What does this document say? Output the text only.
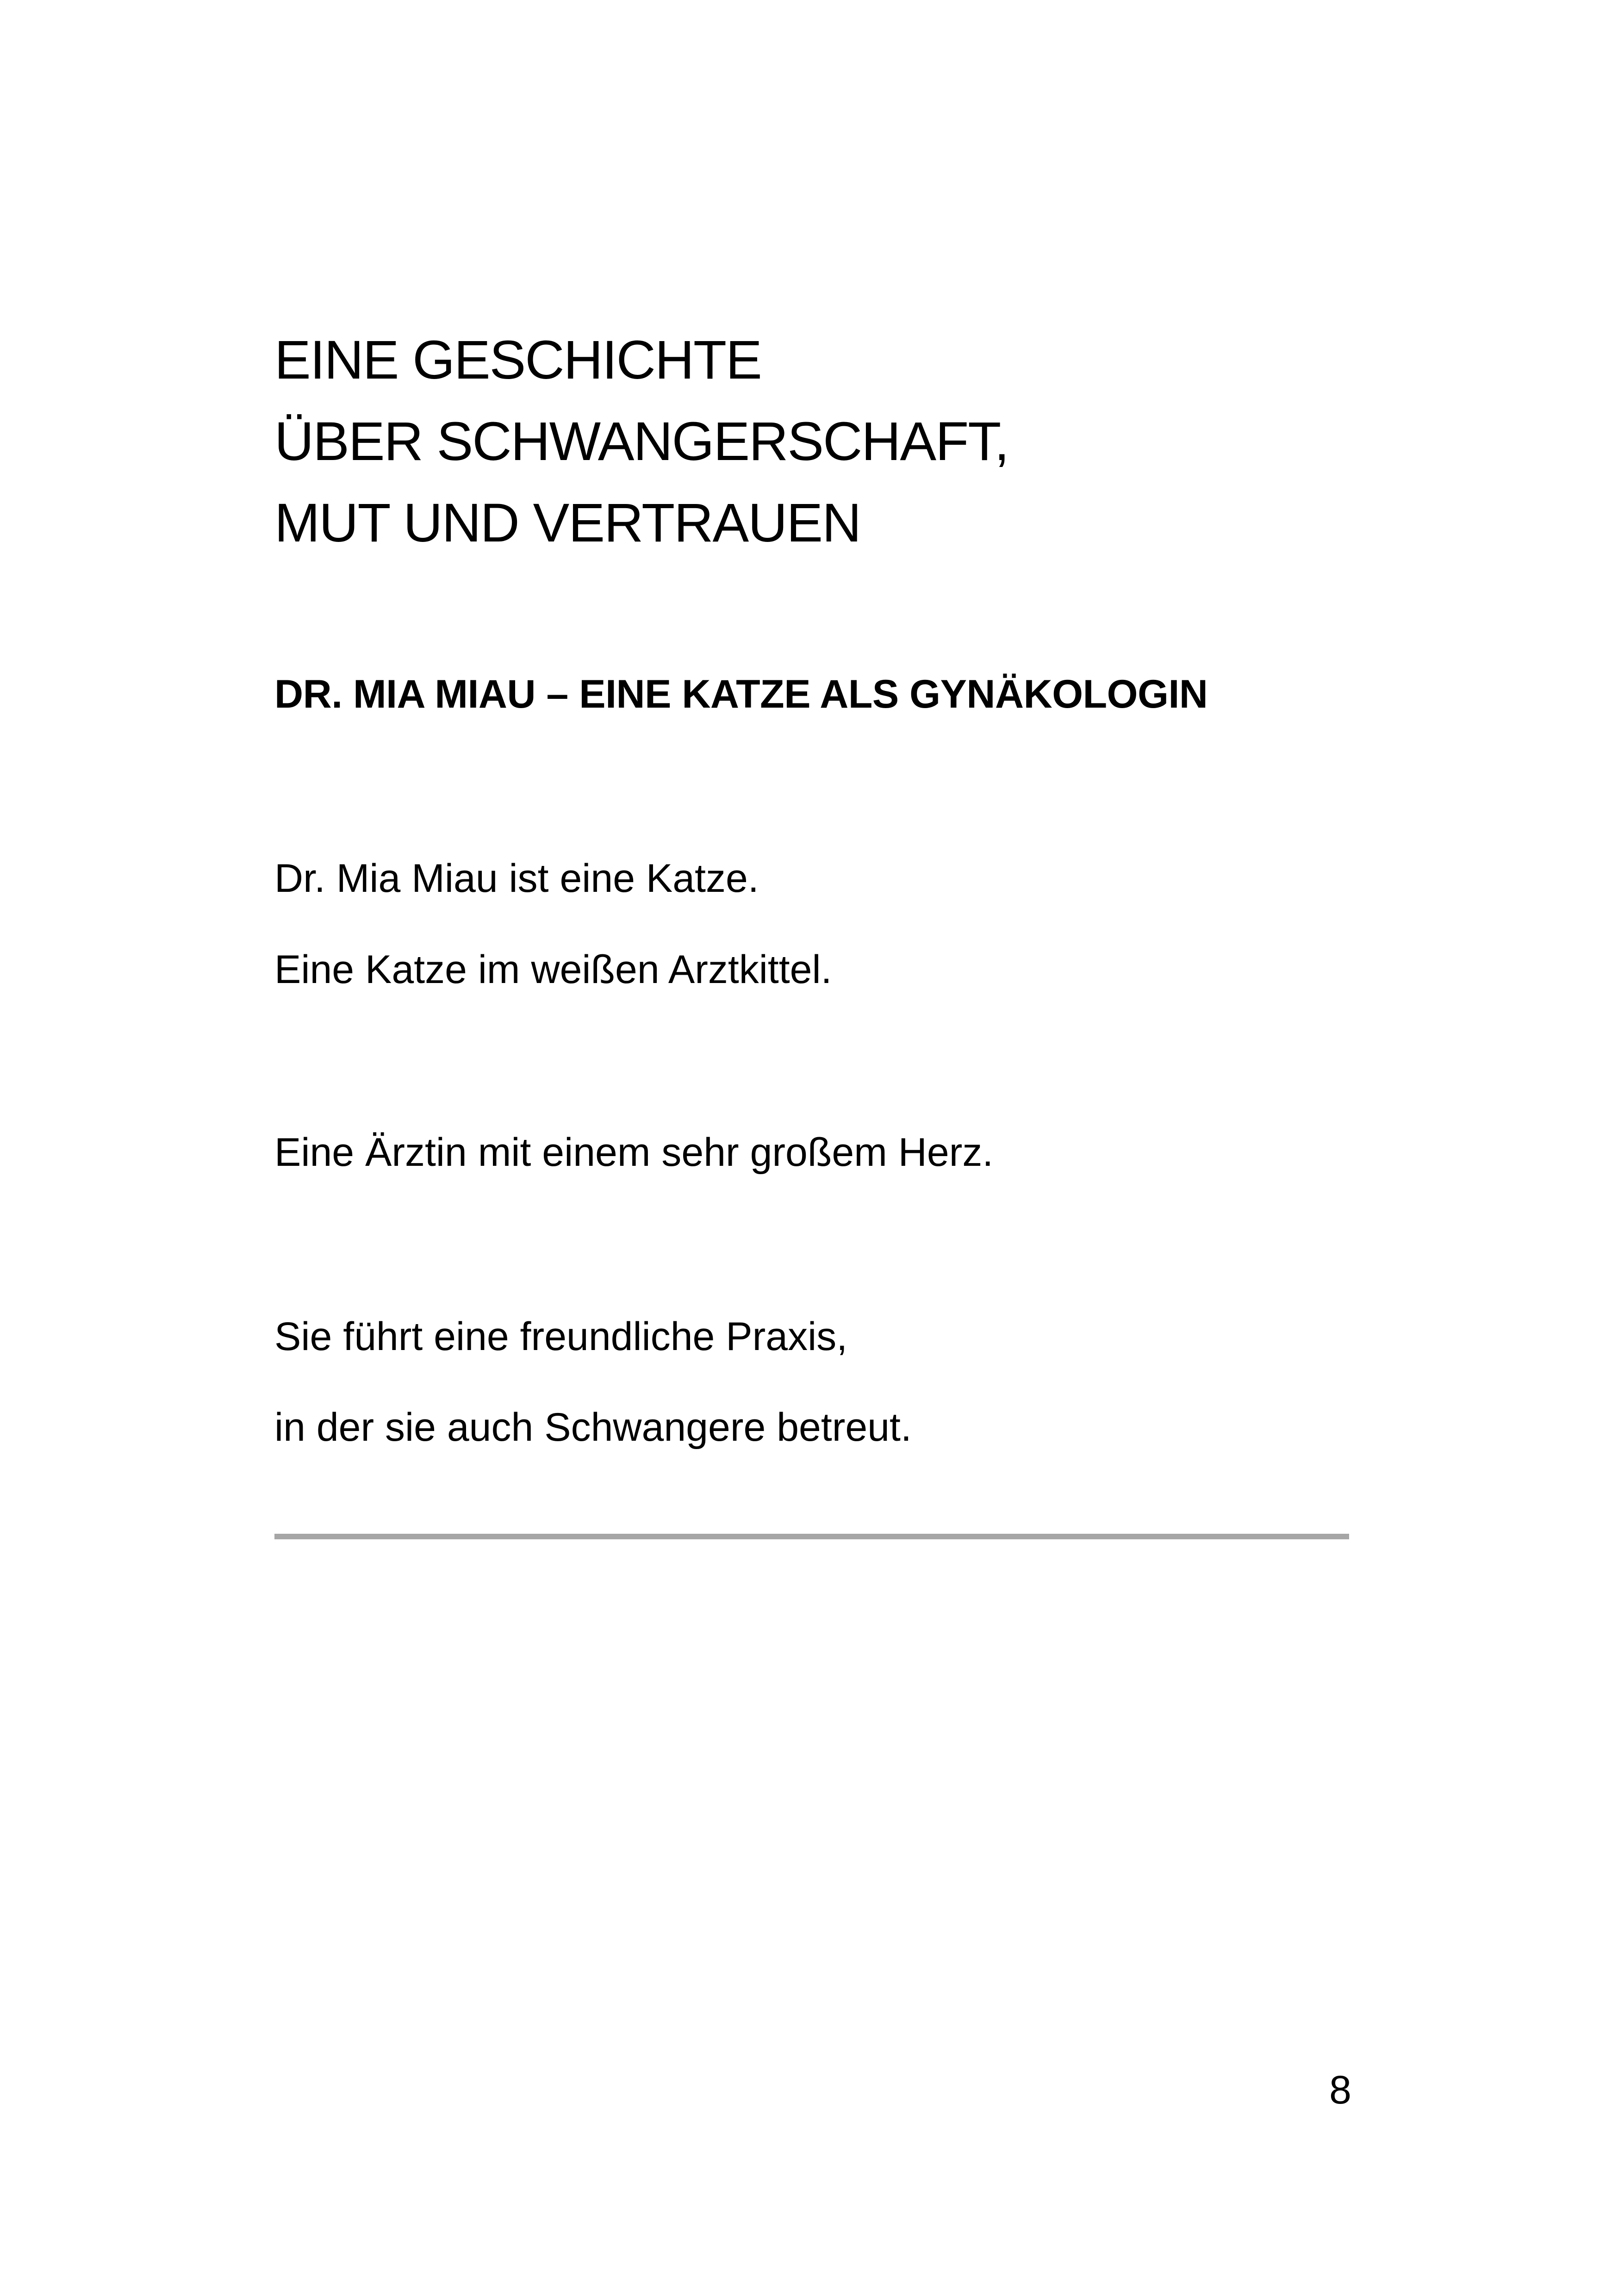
EINE GESCHICHTE
ÜBER SCHWANGERSCHAFT,
MUT UND VERTRAUEN
DR. MIA MIAU – EINE KATZE ALS GYNÄKOLOGIN
Dr. Mia Miau ist eine Katze.
Eine Katze im weißen Arztkittel.
Eine Ärztin mit einem sehr großem Herz.
Sie führt eine freundliche Praxis,
in der sie auch Schwangere betreut.
8
